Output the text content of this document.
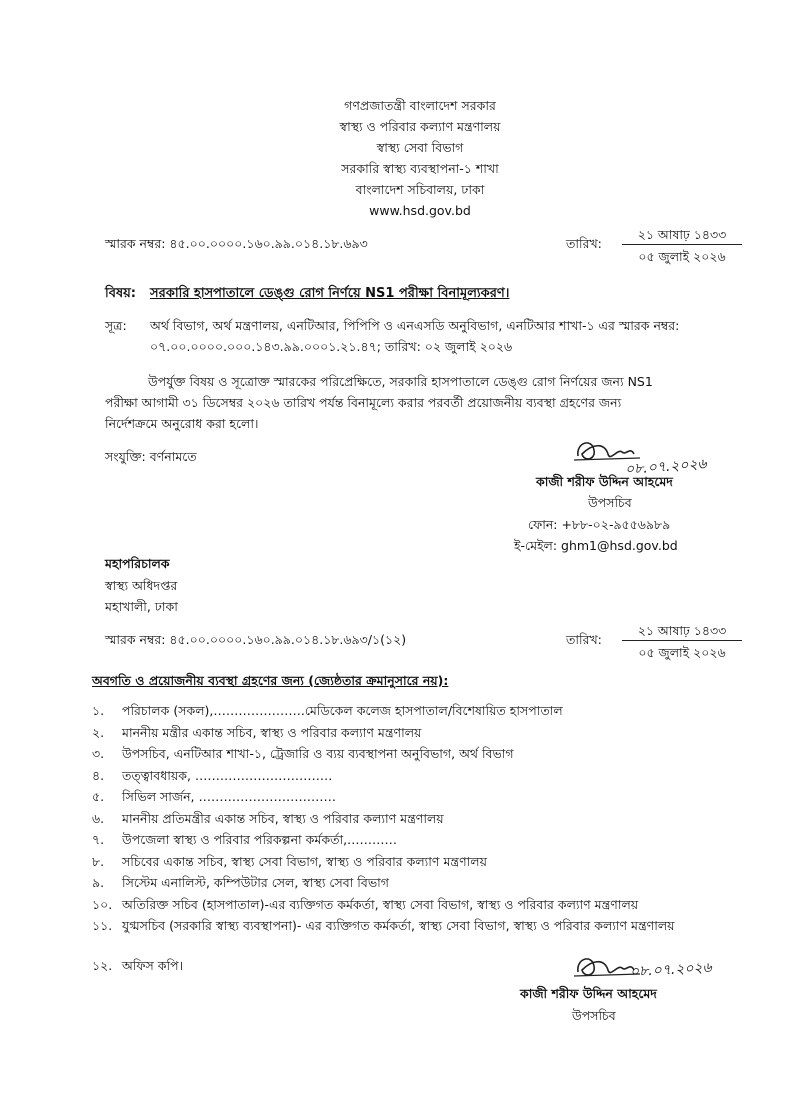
গণপ্রজাতন্ত্রী বাংলাদেশ সরকার
স্বাস্থ্য ও পরিবার কল্যাণ মন্ত্রণালয়
স্বাস্থ্য সেবা বিভাগ
সরকারি স্বাস্থ্য ব্যবস্থাপনা-১ শাখা
বাংলাদেশ সচিবালয়, ঢাকা
www.hsd.gov.bd
স্মারক নম্বর: ৪৫.০০.০০০০.১৬০.৯৯.০১৪.১৮.৬৯৩	তারিখ:
২১ আষাঢ় ১৪৩৩
০৫ জুলাই ২০২৬
বিষয়: সরকারি হাসপাতালে ডেঙ্গু রোগ নির্ণয়ে NS1 পরীক্ষা বিনামূল্যকরণ।
সূত্র: অর্থ বিভাগ, অর্থ মন্ত্রণালয়, এনটিআর, পিপিপি ও এনএসডি অনুবিভাগ, এনটিআর শাখা-১ এর স্মারক নম্বর:
০৭.০০.০০০০.০০০.১৪৩.৯৯.০০০১.২১.৪৭; তারিখ: ০২ জুলাই ২০২৬
উপর্যুক্ত বিষয় ও সূত্রোক্ত স্মারকের পরিপ্রেক্ষিতে, সরকারি হাসপাতালে ডেঙ্গু রোগ নির্ণয়ের জন্য NS1
পরীক্ষা আগামী ৩১ ডিসেম্বর ২০২৬ তারিখ পর্যন্ত বিনামূল্যে করার পরবর্তী প্রয়োজনীয় ব্যবস্থা গ্রহণের জন্য
নির্দেশক্রমে অনুরোধ করা হলো।
সংযুক্তি: বর্ণনামতে	০৮.০৭.২০২৬
কাজী শরীফ উদ্দিন আহমেদ
উপসচিব
ফোন: +৮৮-০২-৯৫৫৬৯৮৯
ই-মেইল: ghm1@hsd.gov.bd
মহাপরিচালক
স্বাস্থ্য অধিদপ্তর
মহাখালী, ঢাকা
স্মারক নম্বর: ৪৫.০০.০০০০.১৬০.৯৯.০১৪.১৮.৬৯৩/১(১২)	তারিখ:
২১ আষাঢ় ১৪৩৩
০৫ জুলাই ২০২৬
অবগতি ও প্রয়োজনীয় ব্যবস্থা গ্রহণের জন্য (জ্যেষ্ঠতার ক্রমানুসারে নয়):
১.	পরিচালক (সকল),………………….মেডিকেল কলেজ হাসপাতাল/বিশেষায়িত হাসপাতাল
২.	মাননীয় মন্ত্রীর একান্ত সচিব, স্বাস্থ্য ও পরিবার কল্যাণ মন্ত্রণালয়
৩.	উপসচিব, এনটিআর শাখা-১, ট্রেজারি ও ব্যয় ব্যবস্থাপনা অনুবিভাগ, অর্থ বিভাগ
৪.	তত্ত্বাবধায়ক, ……………………………
৫.	সিভিল সার্জন, ……………………………
৬.	মাননীয় প্রতিমন্ত্রীর একান্ত সচিব, স্বাস্থ্য ও পরিবার কল্যাণ মন্ত্রণালয়
৭.	উপজেলা স্বাস্থ্য ও পরিবার পরিকল্পনা কর্মকর্তা,…………
৮.	সচিবের একান্ত সচিব, স্বাস্থ্য সেবা বিভাগ, স্বাস্থ্য ও পরিবার কল্যাণ মন্ত্রণালয়
৯.	সিস্টেম এনালিস্ট, কম্পিউটার সেল, স্বাস্থ্য সেবা বিভাগ
১০. অতিরিক্ত সচিব (হাসপাতাল)-এর ব্যক্তিগত কর্মকর্তা, স্বাস্থ্য সেবা বিভাগ, স্বাস্থ্য ও পরিবার কল্যাণ মন্ত্রণালয়
১১. যুগ্মসচিব (সরকারি স্বাস্থ্য ব্যবস্থাপনা)- এর ব্যক্তিগত কর্মকর্তা, স্বাস্থ্য সেবা বিভাগ, স্বাস্থ্য ও পরিবার কল্যাণ মন্ত্রণালয়
১২. অফিস কপি।	০৮.০৭.২০২৬
কাজী শরীফ উদ্দিন আহমেদ
উপসচিব
